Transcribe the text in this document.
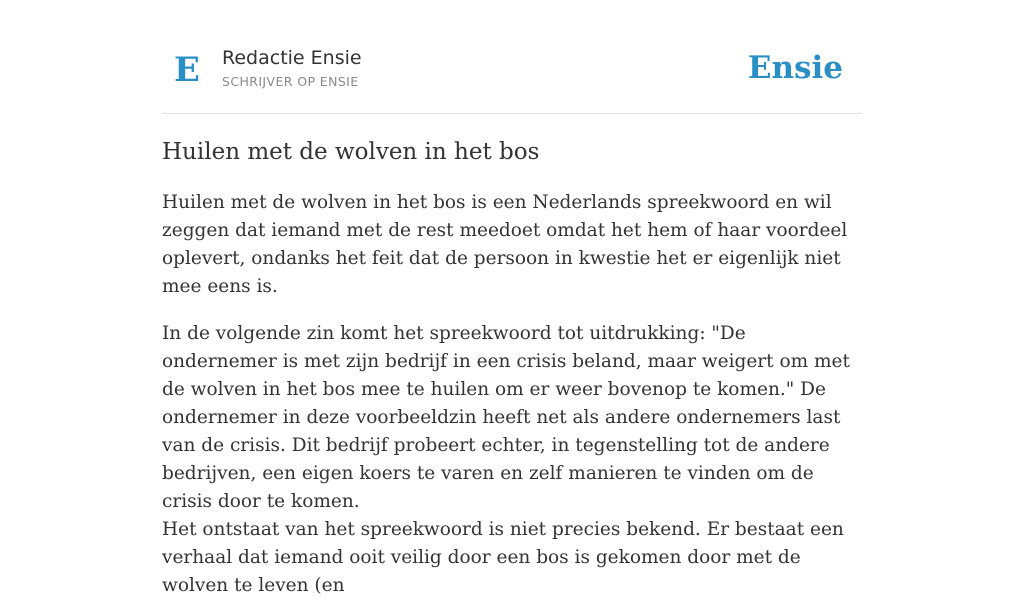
E Redactie Ensie
SCHRIJVER OP ENSIE	Ensie
Huilen met de wolven in het bos

Huilen met de wolven in het bos is een Nederlands spreekwoord en wil zeggen dat iemand met de rest meedoet omdat het hem of haar voordeel oplevert, ondanks het feit dat de persoon in kwestie het er eigenlijk niet mee eens is.

In de volgende zin komt het spreekwoord tot uitdrukking: "De ondernemer is met zijn bedrijf in een crisis beland, maar weigert om met de wolven in het bos mee te huilen om er weer bovenop te komen." De ondernemer in deze voorbeeldzin heeft net als andere ondernemers last van de crisis. Dit bedrijf probeert echter, in tegenstelling tot de andere bedrijven, een eigen koers te varen en zelf manieren te vinden om de crisis door te komen.

Het ontstaat van het spreekwoord is niet precies bekend. Er bestaat een verhaal dat iemand ooit veilig door een bos is gekomen door met de wolven te leven (en
